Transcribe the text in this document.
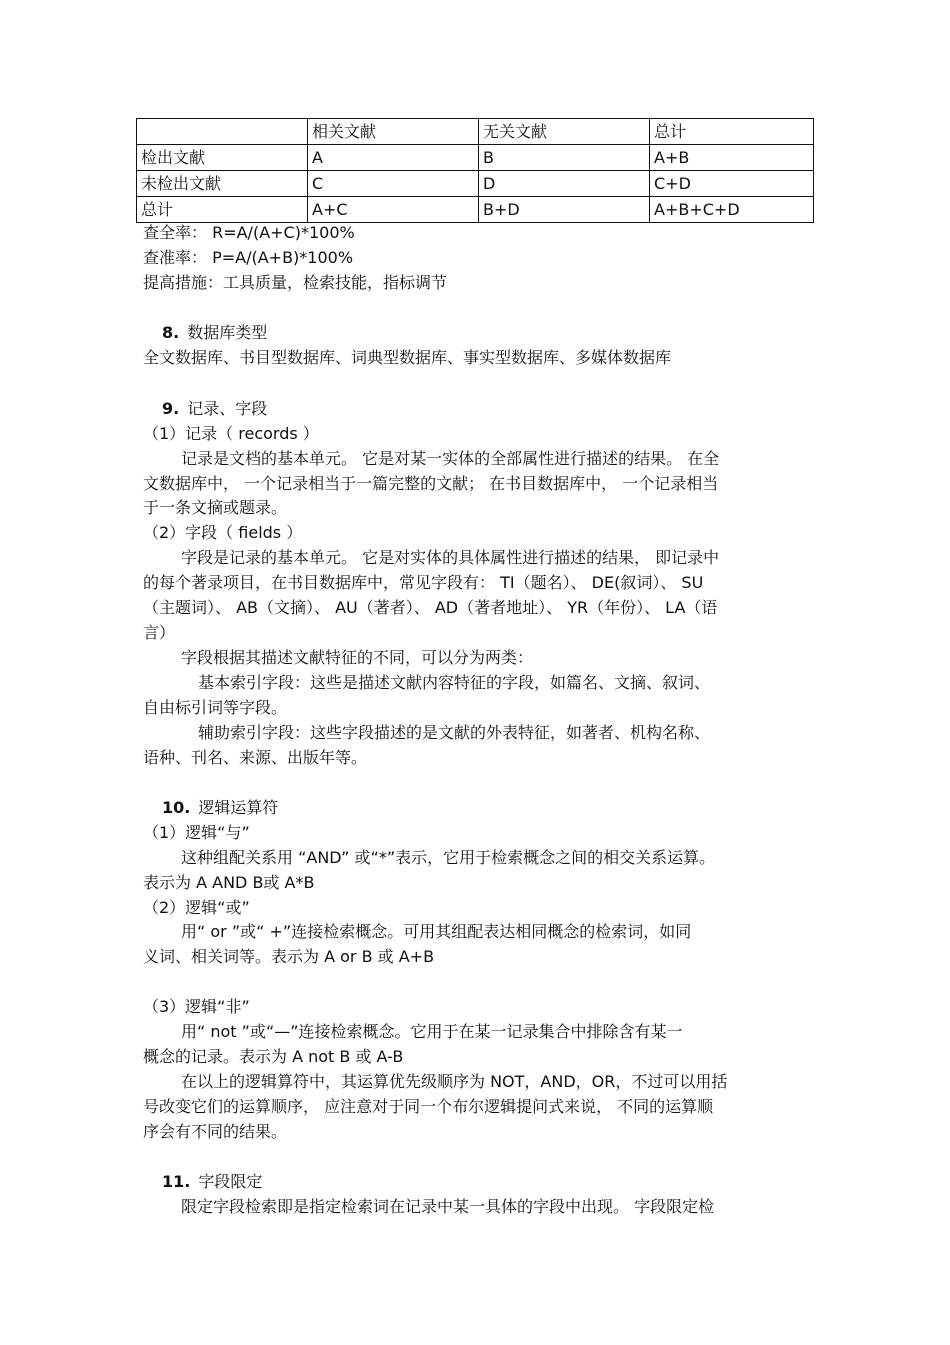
	相关文献	无关文献	总计
检出文献	A	B	A+B
未检出文献	C	D	C+D
总计	A+C	B+D	A+B+C+D
查全率： R=A/(A+C)*100%
查准率： P=A/(A+B)*100%
提高措施：工具质量，检索技能，指标调节
8. 数据库类型
全文数据库、书目型数据库、词典型数据库、事实型数据库、多媒体数据库
9. 记录、字段
（1）记录（ records ）
记录是文档的基本单元。 它是对某一实体的全部属性进行描述的结果。 在全
文数据库中， 一个记录相当于一篇完整的文献； 在书目数据库中， 一个记录相当
于一条文摘或题录。
（2）字段（ fields ）
字段是记录的基本单元。 它是对实体的具体属性进行描述的结果， 即记录中
的每个著录项目，在书目数据库中，常见字段有： TI（题名）、 DE(叙词）、 SU
（主题词）、 AB（文摘）、 AU（著者）、 AD（著者地址）、 YR（年份）、 LA（语
言）
字段根据其描述文献特征的不同，可以分为两类：
基本索引字段：这些是描述文献内容特征的字段，如篇名、文摘、叙词、
自由标引词等字段。
辅助索引字段：这些字段描述的是文献的外表特征，如著者、机构名称、
语种、刊名、来源、出版年等。
10. 逻辑运算符
（1）逻辑“与”
这种组配关系用 “AND” 或“*”表示，它用于检索概念之间的相交关系运算。
表示为 A AND B或 A*B
（2）逻辑“或”
用“ or ”或“ +”连接检索概念。可用其组配表达相同概念的检索词，如同
义词、相关词等。表示为 A or B 或 A+B
（3）逻辑“非”
用“ not ”或“—”连接检索概念。它用于在某一记录集合中排除含有某一
概念的记录。表示为 A not B 或 A-B
在以上的逻辑算符中，其运算优先级顺序为 NOT，AND，OR，不过可以用括
号改变它们的运算顺序， 应注意对于同一个布尔逻辑提问式来说， 不同的运算顺
序会有不同的结果。
11. 字段限定
限定字段检索即是指定检索词在记录中某一具体的字段中出现。 字段限定检
